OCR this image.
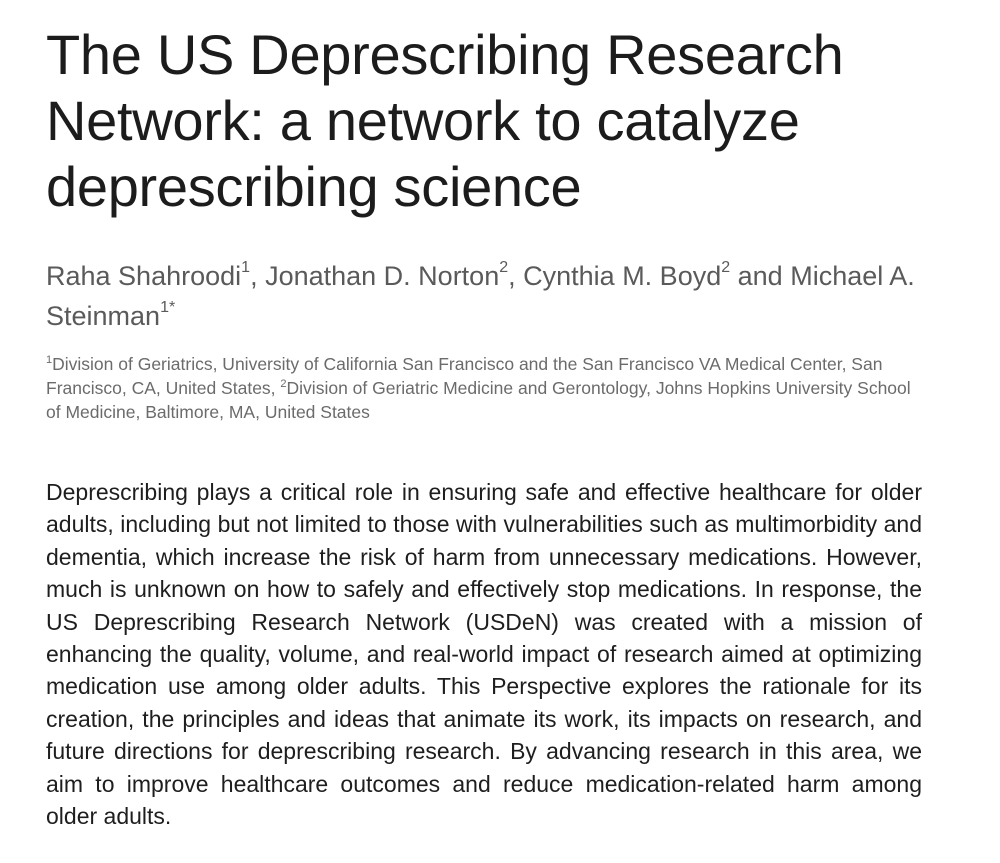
The US Deprescribing Research Network: a network to catalyze deprescribing science
Raha Shahroodi$^1$, Jonathan D. Norton$^2$, Cynthia M. Boyd$^2$ and Michael A. Steinman$^{1*}$
$^1$Division of Geriatrics, University of California San Francisco and the San Francisco VA Medical Center, San Francisco, CA, United States, $^2$Division of Geriatric Medicine and Gerontology, Johns Hopkins University School of Medicine, Baltimore, MA, United States

Deprescribing plays a critical role in ensuring safe and effective healthcare for older adults, including but not limited to those with vulnerabilities such as multimorbidity and dementia, which increase the risk of harm from unnecessary medications. However, much is unknown on how to safely and effectively stop medications. In response, the US Deprescribing Research Network (USDeN) was created with a mission of enhancing the quality, volume, and real-world impact of research aimed at optimizing medication use among older adults. This Perspective explores the rationale for its creation, the principles and ideas that animate its work, its impacts on research, and future directions for deprescribing research. By advancing research in this area, we aim to improve healthcare outcomes and reduce medication-related harm among older adults.
